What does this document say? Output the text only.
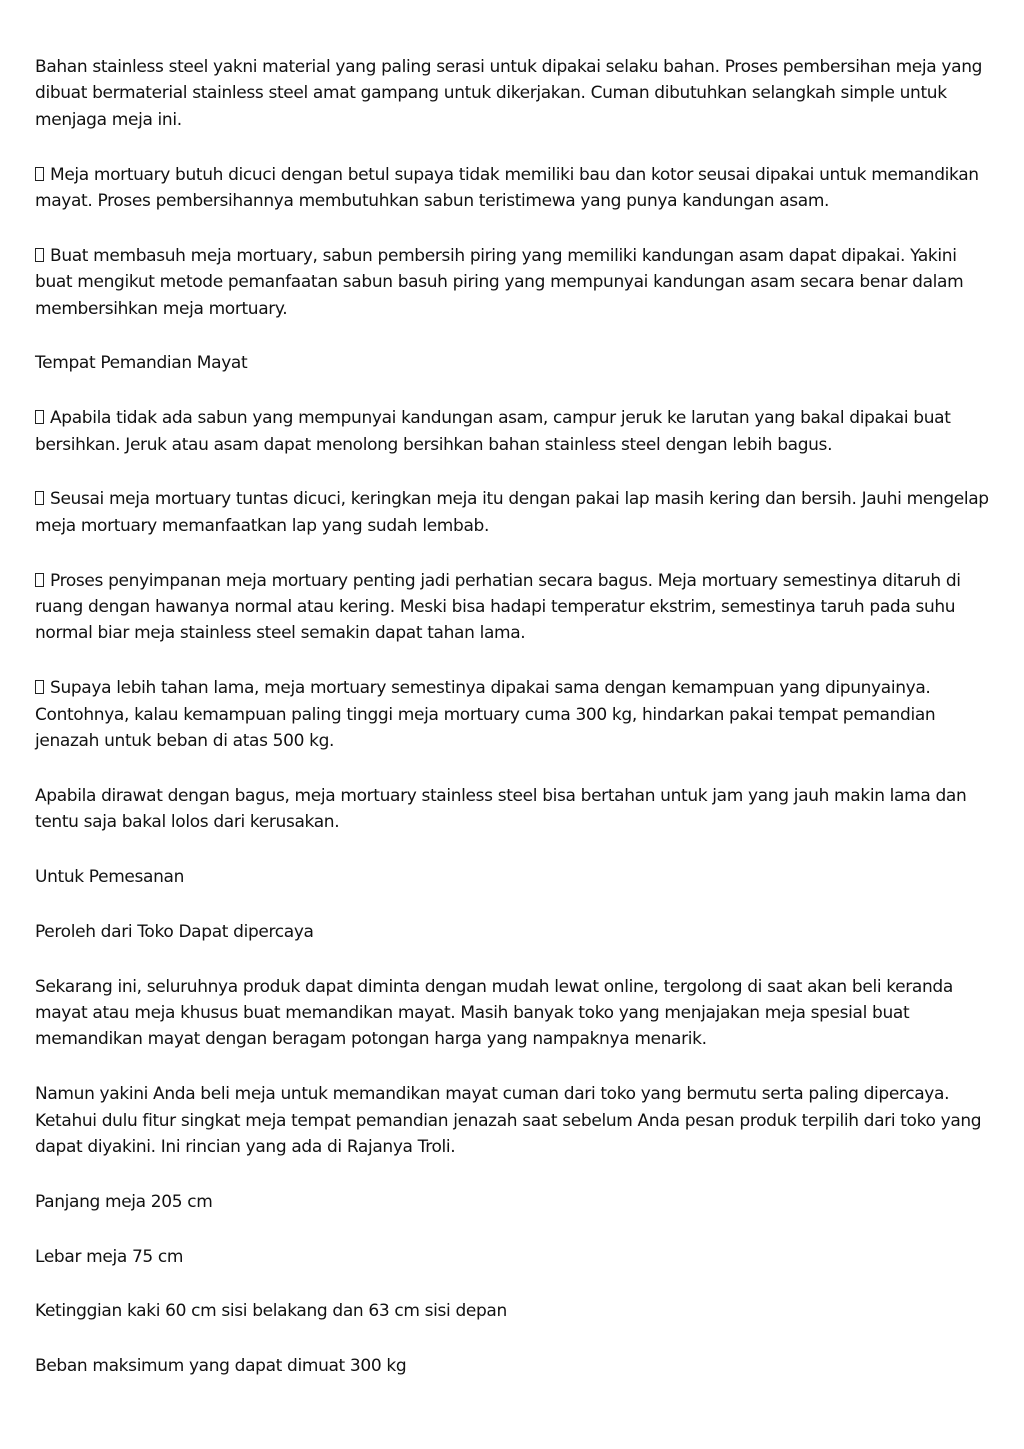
Bahan stainless steel yakni material yang paling serasi untuk dipakai selaku bahan. Proses pembersihan meja yang dibuat bermaterial stainless steel amat gampang untuk dikerjakan. Cuman dibutuhkan selangkah simple untuk menjaga meja ini.

Meja mortuary butuh dicuci dengan betul supaya tidak memiliki bau dan kotor seusai dipakai untuk memandikan mayat. Proses pembersihannya membutuhkan sabun teristimewa yang punya kandungan asam.

Buat membasuh meja mortuary, sabun pembersih piring yang memiliki kandungan asam dapat dipakai. Yakini buat mengikut metode pemanfaatan sabun basuh piring yang mempunyai kandungan asam secara benar dalam membersihkan meja mortuary.

Tempat Pemandian Mayat

Apabila tidak ada sabun yang mempunyai kandungan asam, campur jeruk ke larutan yang bakal dipakai buat bersihkan. Jeruk atau asam dapat menolong bersihkan bahan stainless steel dengan lebih bagus.

Seusai meja mortuary tuntas dicuci, keringkan meja itu dengan pakai lap masih kering dan bersih. Jauhi mengelap meja mortuary memanfaatkan lap yang sudah lembab.

Proses penyimpanan meja mortuary penting jadi perhatian secara bagus. Meja mortuary semestinya ditaruh di ruang dengan hawanya normal atau kering. Meski bisa hadapi temperatur ekstrim, semestinya taruh pada suhu normal biar meja stainless steel semakin dapat tahan lama.

Supaya lebih tahan lama, meja mortuary semestinya dipakai sama dengan kemampuan yang dipunyainya. Contohnya, kalau kemampuan paling tinggi meja mortuary cuma 300 kg, hindarkan pakai tempat pemandian jenazah untuk beban di atas 500 kg.

Apabila dirawat dengan bagus, meja mortuary stainless steel bisa bertahan untuk jam yang jauh makin lama dan tentu saja bakal lolos dari kerusakan.

Untuk Pemesanan

Peroleh dari Toko Dapat dipercaya

Sekarang ini, seluruhnya produk dapat diminta dengan mudah lewat online, tergolong di saat akan beli keranda mayat atau meja khusus buat memandikan mayat. Masih banyak toko yang menjajakan meja spesial buat memandikan mayat dengan beragam potongan harga yang nampaknya menarik.

Namun yakini Anda beli meja untuk memandikan mayat cuman dari toko yang bermutu serta paling dipercaya. Ketahui dulu fitur singkat meja tempat pemandian jenazah saat sebelum Anda pesan produk terpilih dari toko yang dapat diyakini. Ini rincian yang ada di Rajanya Troli.

Panjang meja 205 cm

Lebar meja 75 cm

Ketinggian kaki 60 cm sisi belakang dan 63 cm sisi depan

Beban maksimum yang dapat dimuat 300 kg
